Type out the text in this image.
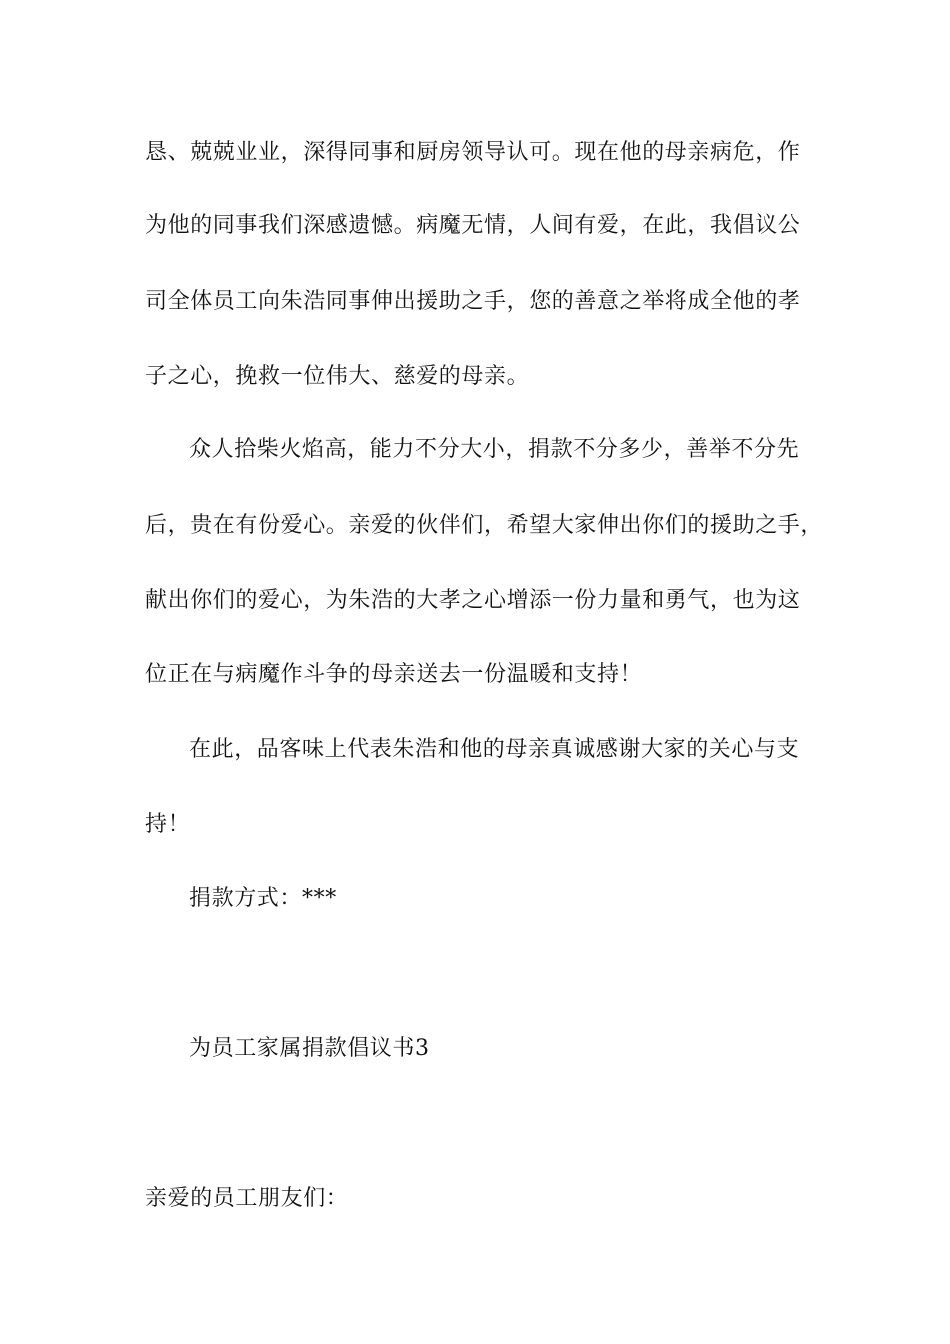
恳、兢兢业业，深得同事和厨房领导认可。现在他的母亲病危，作
为他的同事我们深感遗憾。病魔无情，人间有爱，在此，我倡议公
司全体员工向朱浩同事伸出援助之手，您的善意之举将成全他的孝
子之心，挽救一位伟大、慈爱的母亲。
众人拾柴火焰高，能力不分大小，捐款不分多少，善举不分先
后，贵在有份爱心。亲爱的伙伴们，希望大家伸出你们的援助之手，
献出你们的爱心，为朱浩的大孝之心增添一份力量和勇气，也为这
位正在与病魔作斗争的母亲送去一份温暖和支持！
在此，品客味上代表朱浩和他的母亲真诚感谢大家的关心与支
持！
捐款方式：***
为员工家属捐款倡议书3
亲爱的员工朋友们：
